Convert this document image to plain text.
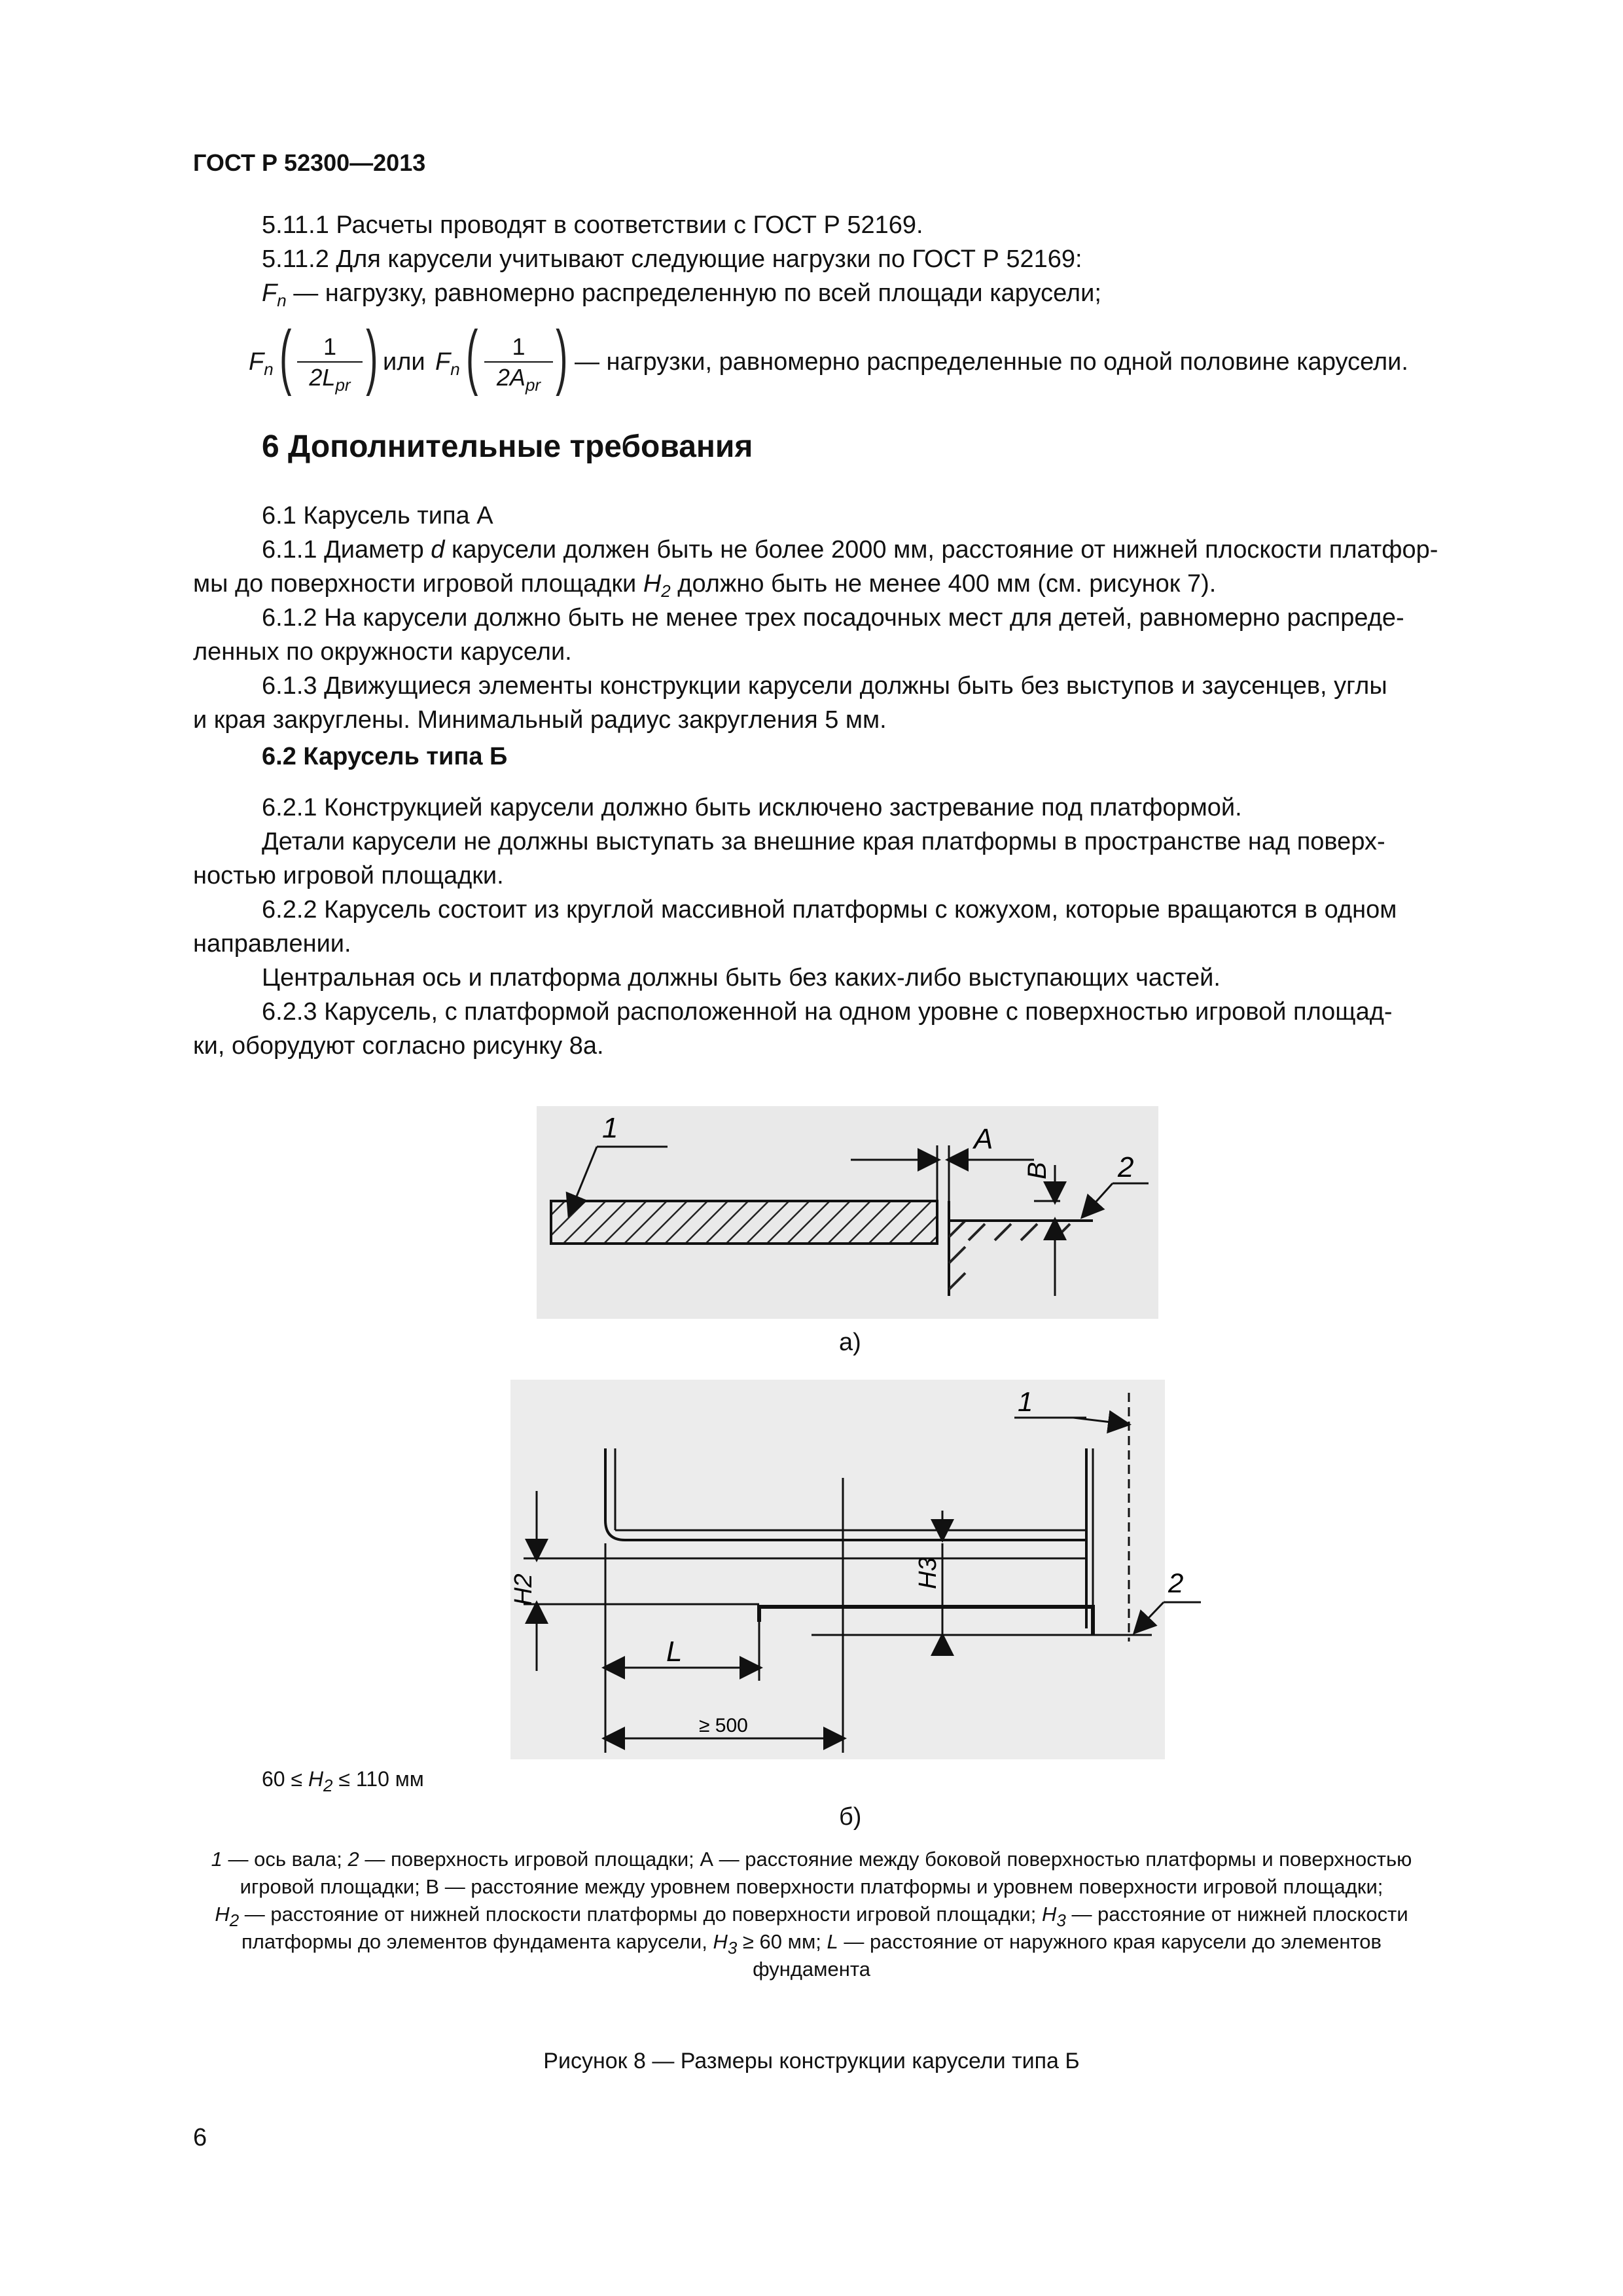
ГОСТ Р 52300—2013
5.11.1 Расчеты проводят в соответствии с ГОСТ Р 52169.
5.11.2 Для карусели учитывают следующие нагрузки по ГОСТ Р 52169:
$F_n$ — нагрузку, равномерно распределенную по всей площади карусели;
$F_n$ (	1
$2L_{pr}$ ) или $F_n$ (	1
$2A_{pr}$ ) — нагрузки, равномерно распределенные по одной половине карусели.
6 Дополнительные требования
6.1 Карусель типа А
6.1.1 Диаметр d карусели должен быть не более 2000 мм, расстояние от нижней плоскости платфор-
мы до поверхности игровой площадки $H_2$ должно быть не менее 400 мм (см. рисунок 7).
6.1.2 На карусели должно быть не менее трех посадочных мест для детей, равномерно распреде-
ленных по окружности карусели.
6.1.3 Движущиеся элементы конструкции карусели должны быть без выступов и заусенцев, углы
и края закруглены. Минимальный радиус закругления 5 мм.
6.2 Карусель типа Б
6.2.1 Конструкцией карусели должно быть исключено застревание под платформой.
Детали карусели не должны выступать за внешние края платформы в пространстве над поверх-
ностью игровой площадки.
6.2.2 Карусель состоит из круглой массивной платформы с кожухом, которые вращаются в одном
направлении.
Центральная ось и платформа должны быть без каких-либо выступающих частей.
6.2.3 Карусель, с платформой расположенной на одном уровне с поверхностью игровой площад-
ки, оборудуют согласно рисунку 8а.
1	A
B 2
а)
1
2
H2
H3
L
≥ 500
$60 \le H_2 \le 110$ мм
б)
1 — ось вала; 2 — поверхность игровой площадки; А — расстояние между боковой поверхностью платформы и поверхностью
игровой площадки; В — расстояние между уровнем поверхности платформы и уровнем поверхности игровой площадки;
$H_2$ — расстояние от нижней плоскости платформы до поверхности игровой площадки; $H_3$ — расстояние от нижней плоскости
платформы до элементов фундамента карусели, $H_3 \ge 60$ мм; L — расстояние от наружного края карусели до элементов
фундамента
Рисунок 8 — Размеры конструкции карусели типа Б
6
